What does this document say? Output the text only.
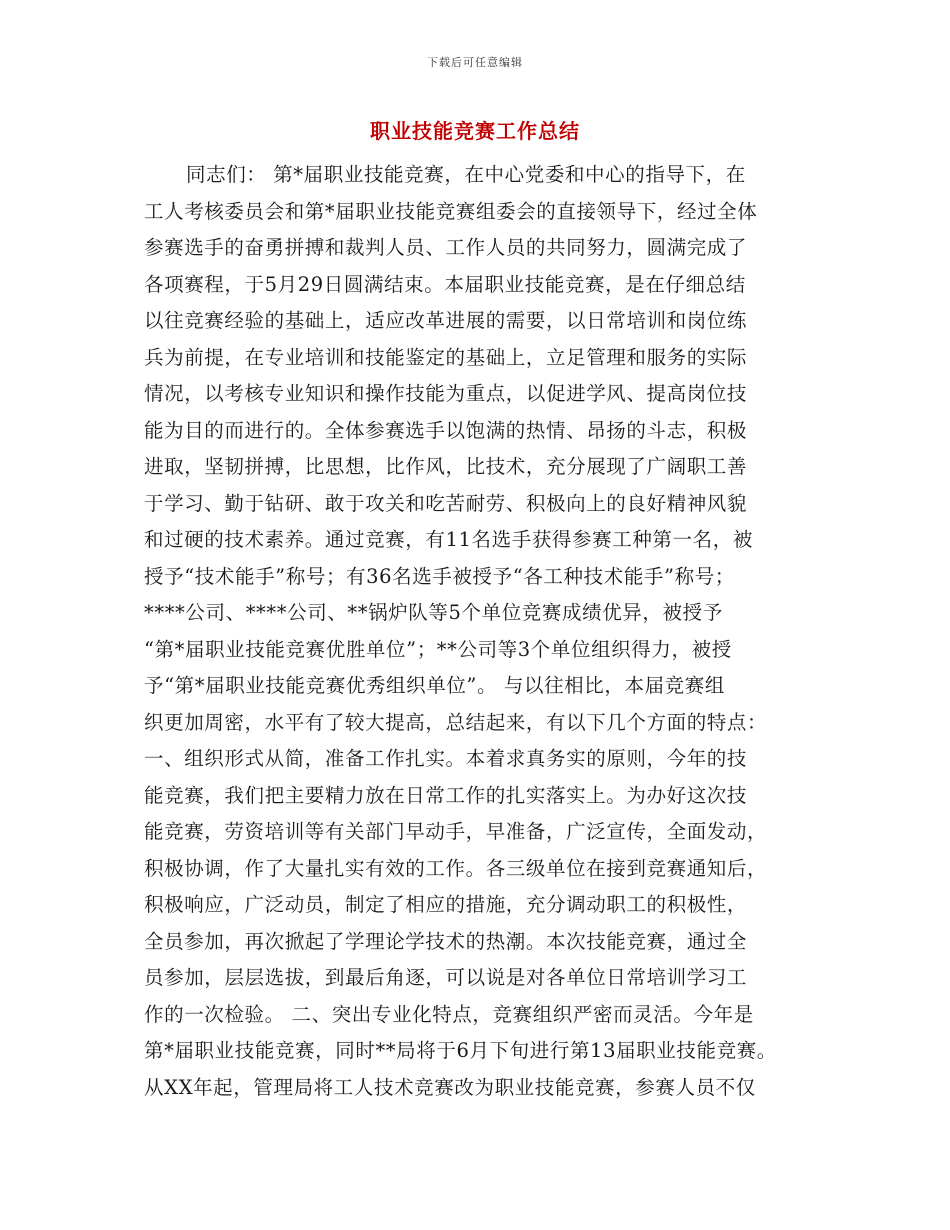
下载后可任意编辑
职业技能竞赛工作总结
同志们： 第*届职业技能竞赛，在中心党委和中心的指导下，在
工人考核委员会和第*届职业技能竞赛组委会的直接领导下，经过全体
参赛选手的奋勇拼搏和裁判人员、工作人员的共同努力，圆满完成了
各项赛程，于5月29日圆满结束。本届职业技能竞赛，是在仔细总结
以往竞赛经验的基础上，适应改革进展的需要，以日常培训和岗位练
兵为前提，在专业培训和技能鉴定的基础上，立足管理和服务的实际
情况，以考核专业知识和操作技能为重点，以促进学风、提高岗位技
能为目的而进行的。全体参赛选手以饱满的热情、昂扬的斗志，积极
进取，坚韧拼搏，比思想，比作风，比技术，充分展现了广阔职工善
于学习、勤于钻研、敢于攻关和吃苦耐劳、积极向上的良好精神风貌
和过硬的技术素养。通过竞赛，有11名选手获得参赛工种第一名，被
授予“技术能手”称号；有36名选手被授予“各工种技术能手”称号；
****公司、****公司、**锅炉队等5个单位竞赛成绩优异，被授予
“第*届职业技能竞赛优胜单位”；**公司等3个单位组织得力，被授
予“第*届职业技能竞赛优秀组织单位”。 与以往相比，本届竞赛组
织更加周密，水平有了较大提高，总结起来，有以下几个方面的特点：
一、组织形式从简，准备工作扎实。本着求真务实的原则，今年的技
能竞赛，我们把主要精力放在日常工作的扎实落实上。为办好这次技
能竞赛，劳资培训等有关部门早动手，早准备，广泛宣传，全面发动，
积极协调，作了大量扎实有效的工作。各三级单位在接到竞赛通知后，
积极响应，广泛动员，制定了相应的措施，充分调动职工的积极性，
全员参加，再次掀起了学理论学技术的热潮。本次技能竞赛，通过全
员参加，层层选拔，到最后角逐，可以说是对各单位日常培训学习工
作的一次检验。 二、突出专业化特点，竞赛组织严密而灵活。今年是
第*届职业技能竞赛，同时**局将于6月下旬进行第13届职业技能竞赛。
从XX年起，管理局将工人技术竞赛改为职业技能竞赛，参赛人员不仅
